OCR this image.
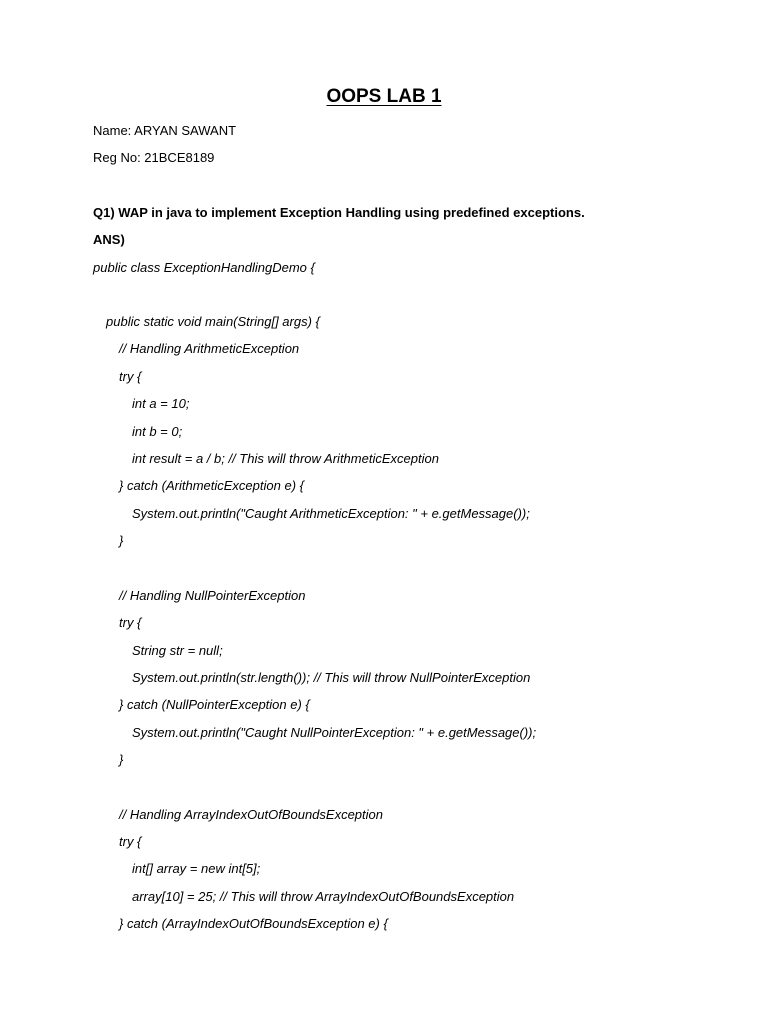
OOPS LAB 1
Name: ARYAN SAWANT
Reg No: 21BCE8189
Q1) WAP in java to implement Exception Handling using predefined exceptions.
ANS)
public class ExceptionHandlingDemo {
public static void main(String[] args) {
// Handling ArithmeticException
try {
int a = 10;
int b = 0;
int result = a / b; // This will throw ArithmeticException
} catch (ArithmeticException e) {
System.out.println("Caught ArithmeticException: " + e.getMessage());
}
// Handling NullPointerException
try {
String str = null;
System.out.println(str.length()); // This will throw NullPointerException
} catch (NullPointerException e) {
System.out.println("Caught NullPointerException: " + e.getMessage());
}
// Handling ArrayIndexOutOfBoundsException
try {
int[] array = new int[5];
array[10] = 25; // This will throw ArrayIndexOutOfBoundsException
} catch (ArrayIndexOutOfBoundsException e) {
